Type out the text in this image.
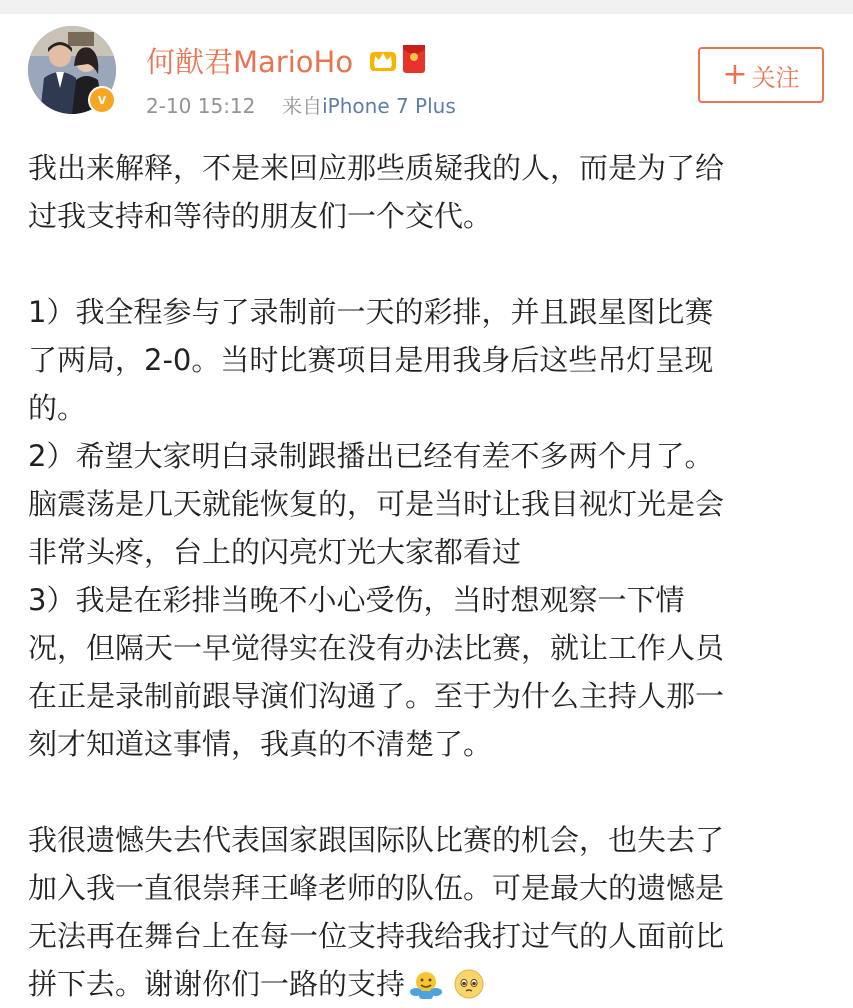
v
何猷君MarioHo
2-10 15:12 来自iPhone 7 Plus
+ 关注
我出来解释，不是来回应那些质疑我的人，而是为了给
过我支持和等待的朋友们一个交代。
1）我全程参与了录制前一天的彩排，并且跟星图比赛
了两局，2-0。当时比赛项目是用我身后这些吊灯呈现
的。
2）希望大家明白录制跟播出已经有差不多两个月了。
脑震荡是几天就能恢复的，可是当时让我目视灯光是会
非常头疼，台上的闪亮灯光大家都看过
3）我是在彩排当晚不小心受伤，当时想观察一下情
况，但隔天一早觉得实在没有办法比赛，就让工作人员
在正是录制前跟导演们沟通了。至于为什么主持人那一
刻才知道这事情，我真的不清楚了。
我很遗憾失去代表国家跟国际队比赛的机会，也失去了
加入我一直很崇拜王峰老师的队伍。可是最大的遗憾是
无法再在舞台上在每一位支持我给我打过气的人面前比
拼下去。谢谢你们一路的支持
